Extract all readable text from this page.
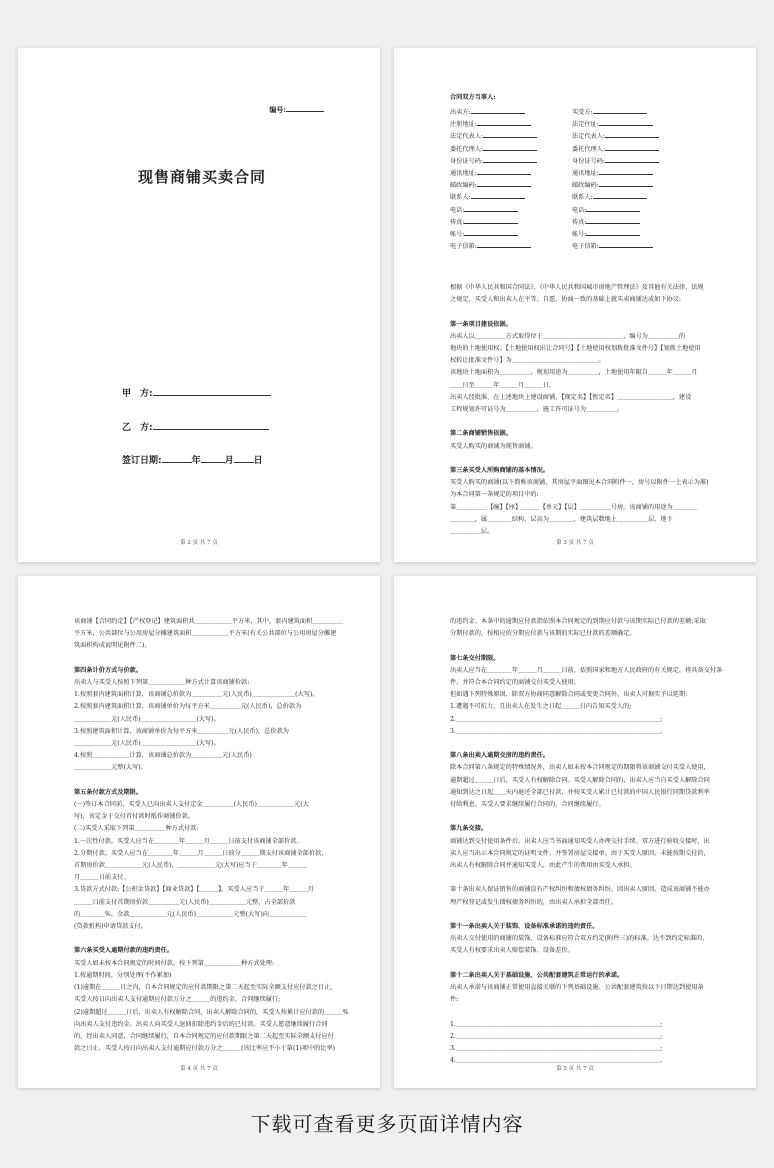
编号:
现售商铺买卖合同
甲　方:
乙　方:
签订日期:	年	月 日
第 2 页 共 7 页
合同双方当事人:
出卖方:
注册地址:
法定代表人:
委托代理人:
身份证号码:
通讯地址:
邮政编码:
联系人:
电话:
传真:
帐号:
电子信箱:
买受方:
法定住址:
法定代表人:
委托代理人:
身份证号码:
通讯地址:
邮政编码:
联系人:
电话:
传真:
帐号:
电子信箱:
根据《中华人民共和国合同法》、《中华人民共和国城市房地产管理法》及其他有关法律、法规
之规定，买受人和出卖人在平等、自愿、协商一致的基础上就买卖商铺达成如下协议:

第一条项目建设依据。
出卖人以＿＿＿＿＿方式取得位于＿＿＿＿＿＿＿＿＿＿＿＿＿，编号为＿＿＿＿＿的
地块的土地使用权。【土地使用权出让合同号】【土地使用权划拨批准文件号】【划拨土地使用
权转让批准文件号】为＿＿＿＿＿＿＿＿＿＿＿＿＿＿。
该地块土地面积为＿＿＿＿＿，规划用途为＿＿＿＿＿，土地使用年限自＿＿＿年＿＿＿月
＿＿日至＿＿＿年＿＿＿月＿＿＿日。
出卖人经批准，在上述地块上建设商铺，【现定名】【暂定名】＿＿＿＿＿＿＿＿＿，建设
工程规划许可证号为＿＿＿＿＿，施工许可证号为＿＿＿＿＿。

第二条商铺销售依据。
买受人购买的商铺为现售商铺。

第三条买受人所购商铺的基本情况。
买受人购买的商铺(以下简称该商铺，其房屋平面图见本合同附件一，房号以附件一上表示为准)
为本合同第一条规定的项目中的:
第＿＿＿＿＿【幢】【座】＿＿＿【单元】【层】＿＿＿＿＿号房。该商铺的用途为＿＿＿＿
＿＿＿＿，属＿＿＿＿结构，层高为＿＿＿＿，建筑层数地上＿＿＿＿＿层，地下
＿＿＿＿＿层。
第 3 页 共 7 页
该商铺【合同约定】【产权登记】建筑面积共＿＿＿＿＿＿平方米，其中，套内建筑面积＿＿＿＿＿
平方米，公共部位与公用房屋分摊建筑面积＿＿＿＿＿＿平方米(有关公共部位与公用房屋分摊建
筑面积构成说明见附件二)。

第四条计价方式与价款。
出卖人与买受人按照下列第＿＿＿＿＿＿种方式计算该商铺价款:
1.按照套内建筑面积计算，该商铺总价款为＿＿＿＿＿元(人民币)＿＿＿＿＿＿＿(大写)。
2.按照套内建筑面积计算，该商铺单价为每平方米＿＿＿＿＿元(人民币)，总价款为
＿＿＿＿＿＿元(人民币)＿＿＿＿＿＿＿＿＿(大写)。
3.按照建筑面积计算，该商铺单价为每平方米＿＿＿＿＿元(人民币)，总价款为
＿＿＿＿＿＿元(人民币)＿＿＿＿＿＿＿＿＿(大写)。
4.按照＿＿＿＿＿＿计算，该商铺总价款为＿＿＿＿＿元(人民币)
＿＿＿＿＿＿元整(大写)。

第五条付款方式及期限。
(一)签订本合同前，买受人已向出卖人支付定金＿＿＿＿＿(人民币)＿＿＿＿＿＿元(大
写)，该定金于交付首付款时抵作商铺价款。
(二)买受人采取下列第＿＿＿＿＿种方式付款:
1.一次性付款。买受人应当在＿＿＿＿年＿＿＿月＿＿＿日前支付该商铺全部价款。
2.分期付款。买受人应当在＿＿＿＿年＿＿＿月＿＿＿日前分＿＿＿期支付该商铺全部价款，
首期房价款＿＿＿＿＿＿元(人民币)，＿＿＿＿＿＿元(大写)应当于＿＿＿＿年＿＿＿
月＿＿＿日前支付。
3.贷款方式付款:【公积金贷款】【商业贷款】【＿＿＿】。买受人应当于＿＿＿年＿＿＿月
＿＿＿日前支付首期房价款＿＿＿＿＿元(人民币)＿＿＿＿＿＿元整，占全部价款
的＿＿＿＿%，余款＿＿＿＿＿＿元(人民币)＿＿＿＿＿＿元整(大写)向＿＿＿＿＿＿
(贷款机构)申请贷款支付。

第六条买受人逾期付款的违约责任。
买受人如未按本合同规定的时间付款，按下列第＿＿＿＿＿＿种方式处理:
1.按逾期时间，分别处理(不作累加)
(1)逾期在＿＿＿日之内，自本合同规定的应付款期限之第二天起至实际全额支付应付款之日止，
买受人按日向出卖人支付逾期应付款万分之＿＿＿的违约金，合同继续履行;
(2)逾期超过＿＿＿日后，出卖人有权解除合同。出卖人解除合同的，买受人按累计应付款的＿＿＿%
向出卖人支付违约金。出卖人向买受人退回扣除违约金后的已付款。买受人愿意继续履行合同
的，经出卖人同意，合同继续履行，自本合同规定的应付款期限之第二天起至实际全额支付应付
款之日止，买受人按日向出卖人支付逾期应付款万分之＿＿＿(该比率应不小于第(1)项中的比率)
第 4 页 共 7 页
的违约金。本条中的逾期应付款指依照本合同规定的到期应付款与该期实际已付款的差额;采取
分期付款的，按相应的分期应付款与该期的实际已付款的差额确定。

第七条交付期限。
出卖人应当在＿＿＿＿年＿＿＿月＿＿＿日前，依照国家和地方人民政府的有关规定，将具备交付条
件，并符合本合同约定的商铺交付买受人使用。
但如遇下列特殊原因，除双方协商同意解除合同或变更合同外，出卖人可据实予以延期:
1.遭遇不可抗力，且出卖人在发生之日起＿＿＿日内告知买受人的;
2.＿＿＿＿＿＿＿＿＿＿＿＿＿＿＿＿＿＿＿＿＿＿＿＿＿＿＿＿＿＿＿＿＿;
3.＿＿＿＿＿＿＿＿＿＿＿＿＿＿＿＿＿＿＿＿＿＿＿＿＿＿＿＿＿＿＿＿＿。

第八条出卖人逾期交房的违约责任。
除本合同第八条规定的特殊情况外，出卖人如未按本合同规定的期限将该商铺交付买受人使用，
逾期超过＿＿＿日后，买受人有权解除合同。买受人解除合同的，出卖人应当自买受人解除合同
通知到达之日起＿＿天内退还全部已付款，并按买受人累计已付款的中国人民银行同期贷款利率
付给利息。买受人要求继续履行合同的，合同继续履行。

第九条交接。
商铺达到交付使用条件后，出卖人应当书面通知买受人办理交付手续。双方进行验收交接时，出
卖人应当出示本合同规定的证明文件，并签署房屋交接单。由于买受人原因，未能按期交付的，
出卖人有权解除合同并通知买受人，由此产生的费用由买受人承担。

第十条出卖人保证销售的商铺没有产权纠纷和债权债务纠纷。因出卖人原因，造成该商铺不能办
理产权登记或发生债权债务纠纷的，由出卖人承担全部责任。

第十一条出卖人关于装饰、设备标准承诺的违约责任。
出卖人交付使用的商铺的装饰、设备标准应符合双方约定(附件三)的标准。达不到约定标准的，
买受人有权要求出卖人赔偿装饰、设备差价。

第十二条出卖人关于基础设施、公共配套建筑正常运行的承诺。
出卖人承诺与该商铺正常使用直接关联的下列基础设施、公共配套建筑按以下日期达到使用条
件:

1.＿＿＿＿＿＿＿＿＿＿＿＿＿＿＿＿＿＿＿＿＿＿＿＿＿＿＿＿＿＿＿＿＿;
2.＿＿＿＿＿＿＿＿＿＿＿＿＿＿＿＿＿＿＿＿＿＿＿＿＿＿＿＿＿＿＿＿＿;
3.＿＿＿＿＿＿＿＿＿＿＿＿＿＿＿＿＿＿＿＿＿＿＿＿＿＿＿＿＿＿＿＿＿;
4.＿＿＿＿＿＿＿＿＿＿＿＿＿＿＿＿＿＿＿＿＿＿＿＿＿＿＿＿＿＿＿＿＿。
第 5 页 共 7 页
下载可查看更多页面详情内容
